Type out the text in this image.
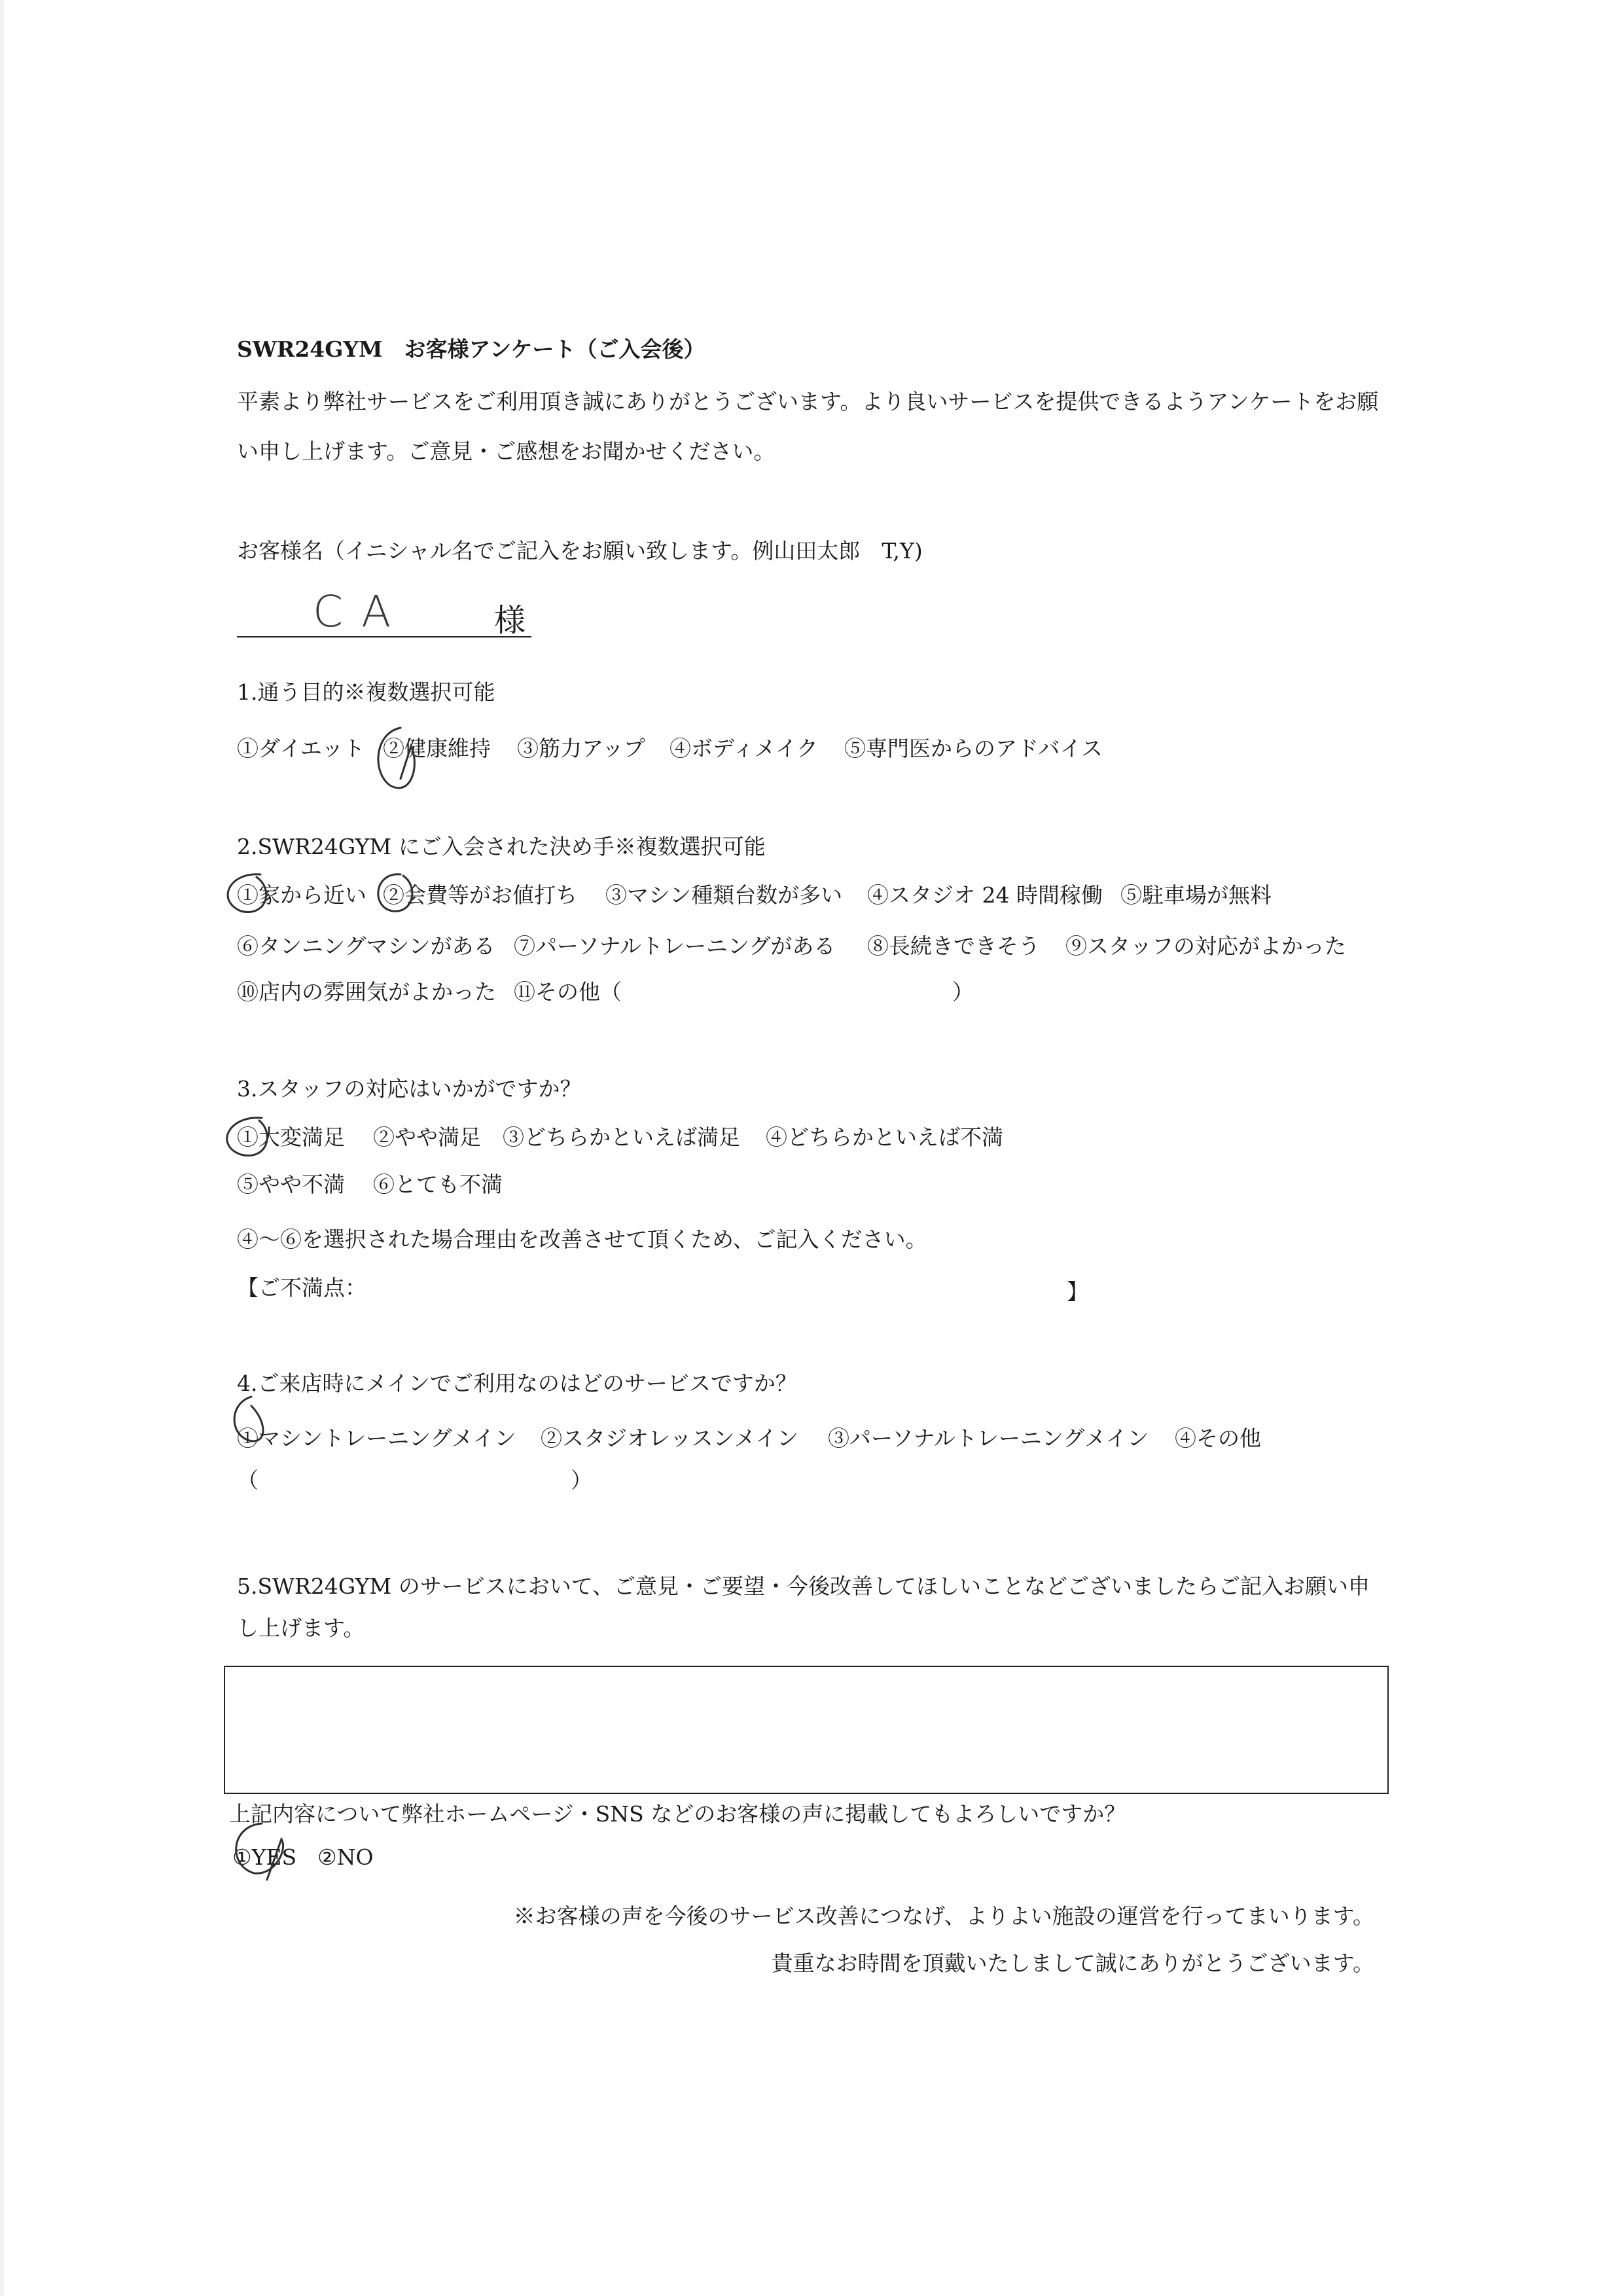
SWR24GYM　お客様アンケート（ご入会後）
平素より弊社サービスをご利用頂き誠にありがとうございます。より良いサービスを提供できるようアンケートをお願
い申し上げます。ご意見・ご感想をお聞かせください。
お客様名（イニシャル名でご記入をお願い致します。例山田太郎　T,Y)
CA	様
1.通う目的※複数選択可能
①ダイエット ②健康維持 ③筋力アップ ④ボディメイク ⑤専門医からのアドバイス
2.SWR24GYM にご入会された決め手※複数選択可能
①家から近い ②会費等がお値打ち ③マシン種類台数が多い ④スタジオ 24 時間稼働 ⑤駐車場が無料
⑥タンニングマシンがある ⑦パーソナルトレーニングがある ⑧長続きできそう ⑨スタッフの対応がよかった
⑩店内の雰囲気がよかった ⑪その他（	）
3.スタッフの対応はいかがですか？
①大変満足 ②やや満足 ③どちらかといえば満足 ④どちらかといえば不満
⑤やや不満 ⑥とても不満
④～⑥を選択された場合理由を改善させて頂くため、ご記入ください。
【ご不満点：	】
4.ご来店時にメインでご利用なのはどのサービスですか？
①マシントレーニングメイン ②スタジオレッスンメイン ③パーソナルトレーニングメイン ④その他
（	）
5.SWR24GYM のサービスにおいて、ご意見・ご要望・今後改善してほしいことなどございましたらご記入お願い申
し上げます。
上記内容について弊社ホームページ・SNS などのお客様の声に掲載してもよろしいですか？
①YES ②NO
※お客様の声を今後のサービス改善につなげ、よりよい施設の運営を行ってまいります。
貴重なお時間を頂戴いたしまして誠にありがとうございます。
